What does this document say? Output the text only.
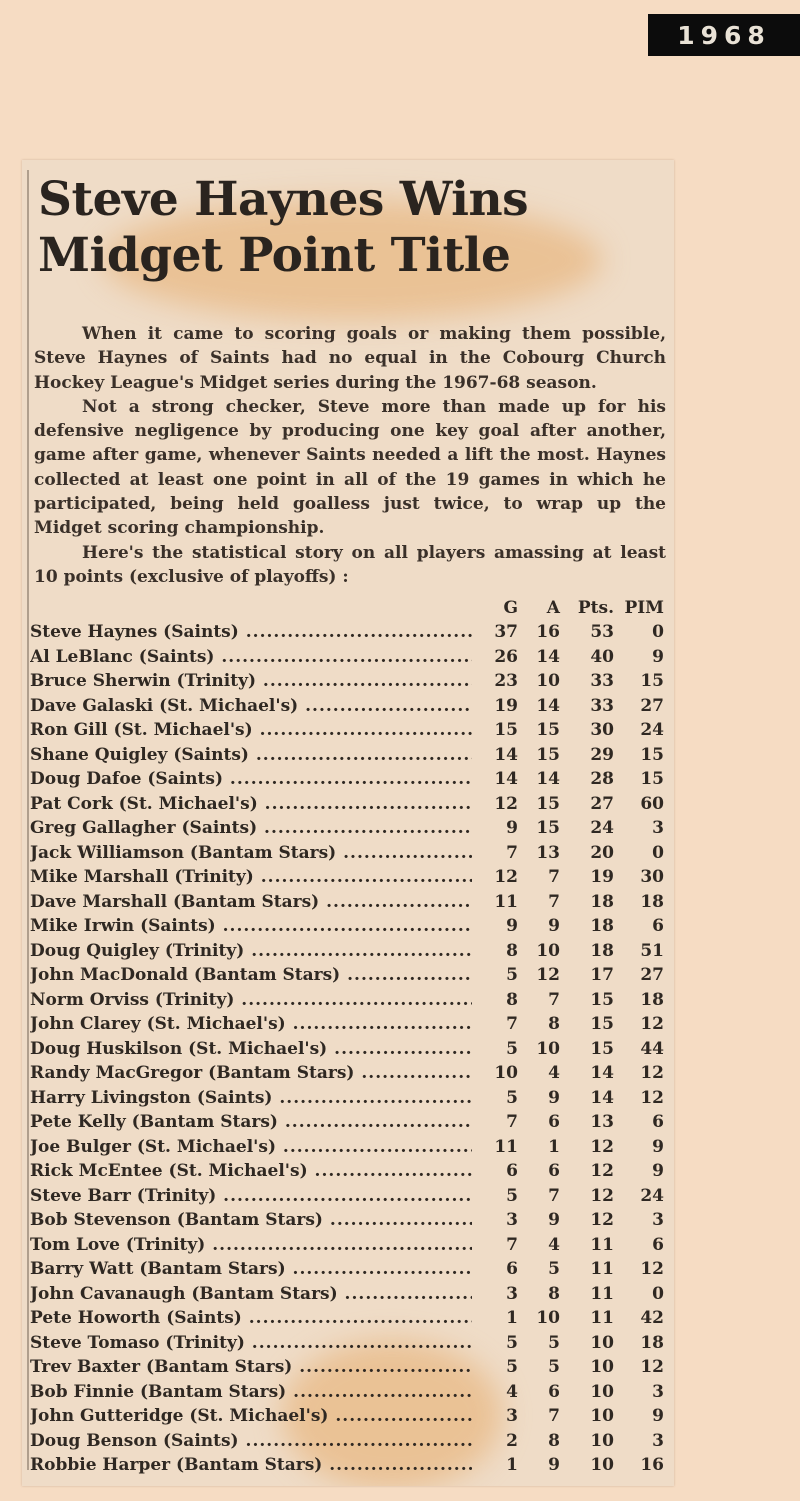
1968
Steve Haynes Wins
Midget Point Title

When it came to scoring goals or making them possible, Steve Haynes of Saints had no equal in the Cobourg Church Hockey League's Midget series during the 1967-68 season.

Not a strong checker, Steve more than made up for his defensive negligence by producing one key goal after another, game after game, whenever Saints needed a lift the most. Haynes collected at least one point in all of the 19 games in which he participated, being held goalless just twice, to wrap up the Midget scoring championship.

Here's the statistical story on all players amassing at least 10 points (exclusive of playoffs) :

G	A	Pts. PIM
Steve Haynes (Saints) .....	37	16	53	0
Al LeBlanc (Saints) .....	26	14	40	9
Bruce Sherwin (Trinity) .....	23	10	33	15
Dave Galaski (St. Michael's) .....	19	14	33	27
Ron Gill (St. Michael's) .....	15	15	30	24
Shane Quigley (Saints) .....	14	15	29	15
Doug Dafoe (Saints) .....	14	14	28	15
Pat Cork (St. Michael's) .....	12	15	27	60
Greg Gallagher (Saints) .....	9	15	24	3
Jack Williamson (Bantam Stars) .....	7	13	20	0
Mike Marshall (Trinity) .....	12	7	19	30
Dave Marshall (Bantam Stars) .....	11	7	18	18
Mike Irwin (Saints) .....	9	9	18	6
Doug Quigley (Trinity) .....	8	10	18	51
John MacDonald (Bantam Stars) .....	5	12	17	27
Norm Orviss (Trinity) .....	8	7	15	18
John Clarey (St. Michael's) .....	7	8	15	12
Doug Huskilson (St. Michael's) .....	5	10	15	44
Randy MacGregor (Bantam Stars) .....	10	4	14	12
Harry Livingston (Saints) .....	5	9	14	12
Pete Kelly (Bantam Stars) .....	7	6	13	6
Joe Bulger (St. Michael's) .....	11	1	12	9
Rick McEntee (St. Michael's) .....	6	6	12	9
Steve Barr (Trinity) .....	5	7	12	24
Bob Stevenson (Bantam Stars) .....	3	9	12	3
Tom Love (Trinity) .....	7	4	11	6
Barry Watt (Bantam Stars) .....	6	5	11	12
John Cavanaugh (Bantam Stars) .....	3	8	11	0
Pete Howorth (Saints) .....	1	10	11	42
Steve Tomaso (Trinity) .....	5	5	10	18
Trev Baxter (Bantam Stars) .....	5	5	10	12
Bob Finnie (Bantam Stars) .....	4	6	10	3
John Gutteridge (St. Michael's) .....	3	7	10	9
Doug Benson (Saints) .....	2	8	10	3
Robbie Harper (Bantam Stars) .....	1	9	10	16
